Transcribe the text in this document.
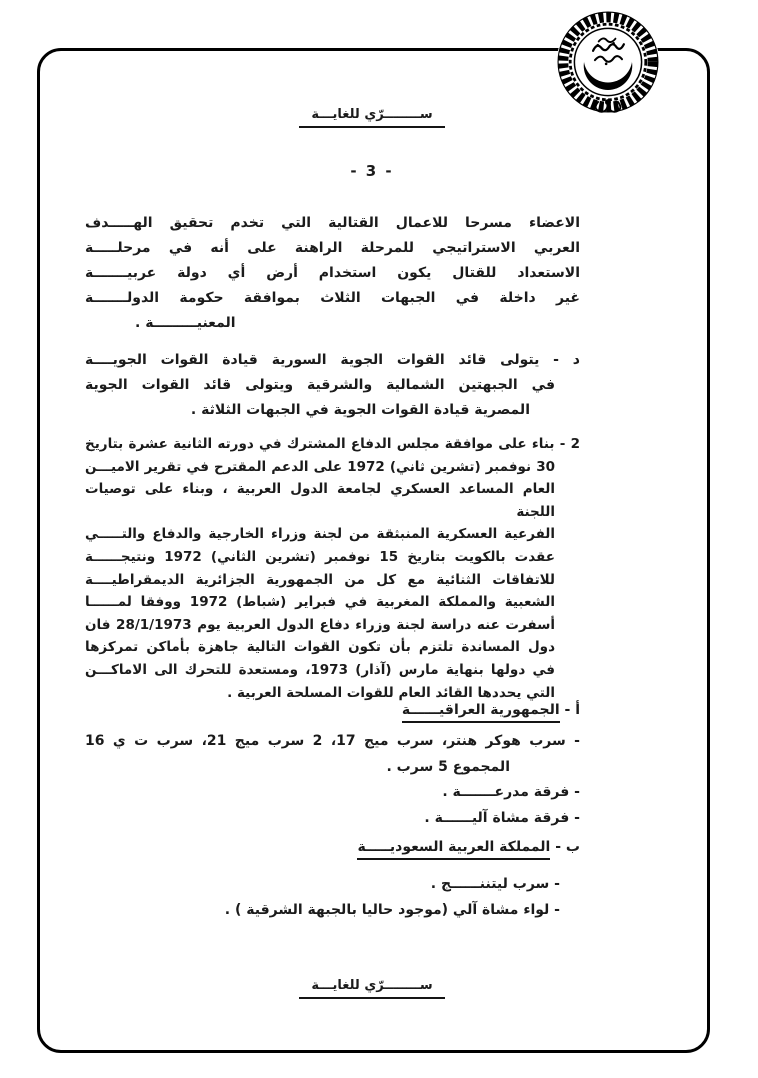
ســــــــرّي للغايـــة
- 3 -
الاعضاء مسرحا للاعمال القتالية التي تخدم تحقيق الهـــــدف
العربي الاستراتيجي للمرحلة الراهنة على أنه في مرحلـــــة
الاستعداد للقتال يكون استخدام أرض أي دولة عربيـــــــة
غير داخلة في الجبهات الثلاث بموافقة حكومة الدولـــــــة
المعنيـــــــــة .
د - يتولى قائد القوات الجوية السورية قيادة القوات الجويــــة
في الجبهتين الشمالية والشرقية ويتولى قائد القوات الجوية
المصرية قيادة القوات الجوية في الجبهات الثلاثة .
2 - بناء على موافقة مجلس الدفاع المشترك في دورته الثانية عشرة بتاريخ
30 نوفمبر (تشرين ثاني) 1972 على الدعم المقترح في تقرير الاميـــن
العام المساعد العسكري لجامعة الدول العربية ، وبناء على توصيات اللجنة
الفرعية العسكرية المنبثقة من لجنة وزراء الخارجية والدفاع والتـــــي
عقدت بالكويت بتاريخ 15 نوفمبر (تشرين الثاني) 1972 ونتيجــــــة
للاتفاقات الثنائية مع كل من الجمهورية الجزائرية الديمقراطيــــة
الشعبية والمملكة المغربية في فبراير (شباط) 1972 ووفقا لمــــــا
أسفرت عنه دراسة لجنة وزراء دفاع الدول العربية يوم 28/1/1973 فان
دول المساندة تلتزم بأن تكون القوات التالية جاهزة بأماكن تمركزها
في دولها بنهاية مارس (آذار) 1973، ومستعدة للتحرك الى الاماكـــن
التي يحددها القائد العام للقوات المسلحة العربية .
أ - الجمهورية العراقيــــــة
- سرب هوكر هنتر، سرب ميج 17، 2 سرب ميج 21، سرب ت ي 16
المجموع 5 سرب .
- فرقة مدرعـــــــة .
- فرقة مشاة آليــــــة .
ب - المملكة العربية السعوديـــــة
- سرب ليتننــــــج .
- لواء مشاة آلي (موجود حاليا بالجبهة الشرقية ) .
ســــــــرّي للغايـــة
